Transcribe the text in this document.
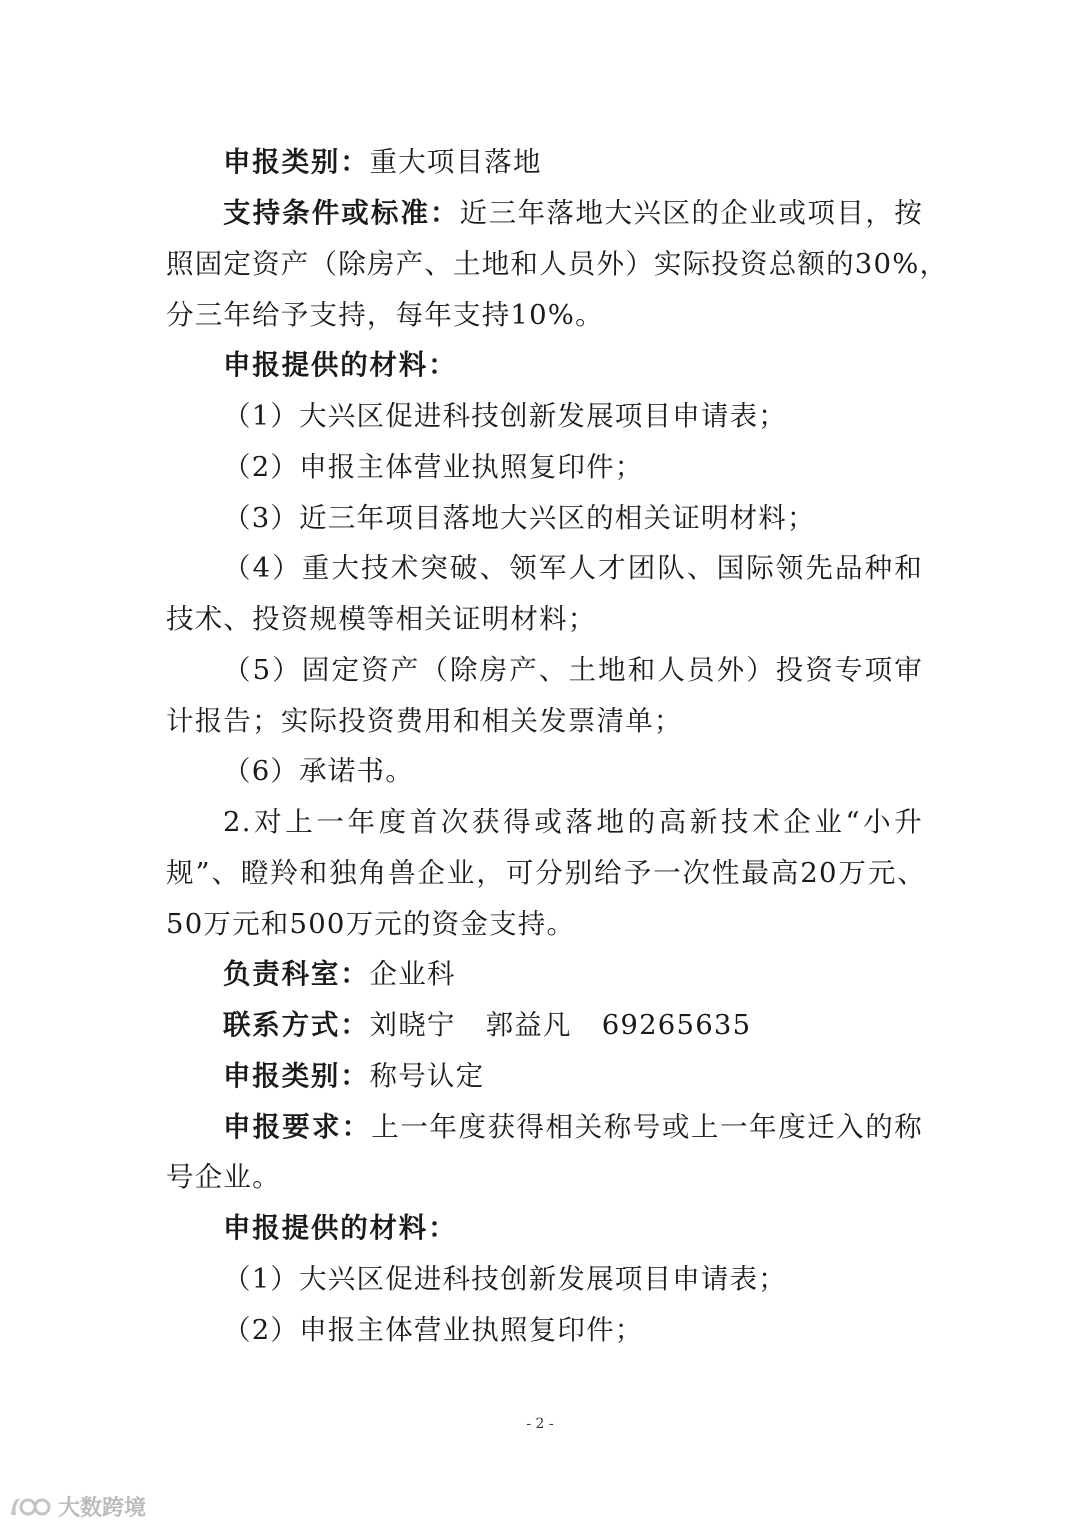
申报类别：重大项目落地
支持条件或标准：近三年落地大兴区的企业或项目，按
照固定资产（除房产、土地和人员外）实际投资总额的30%，
分三年给予支持，每年支持10%。
申报提供的材料：
（1）大兴区促进科技创新发展项目申请表；
（2）申报主体营业执照复印件；
（3）近三年项目落地大兴区的相关证明材料；
（4）重大技术突破、领军人才团队、国际领先品种和
技术、投资规模等相关证明材料；
（5）固定资产（除房产、土地和人员外）投资专项审
计报告；实际投资费用和相关发票清单；
（6）承诺书。
2.对上一年度首次获得或落地的高新技术企业“小升
规”、瞪羚和独角兽企业，可分别给予一次性最高20万元、
50万元和500万元的资金支持。
负责科室：企业科
联系方式：刘晓宁 郭益凡 69265635
申报类别：称号认定
申报要求：上一年度获得相关称号或上一年度迁入的称
号企业。
申报提供的材料：
（1）大兴区促进科技创新发展项目申请表；
（2）申报主体营业执照复印件；
- 2 -
大数跨境
